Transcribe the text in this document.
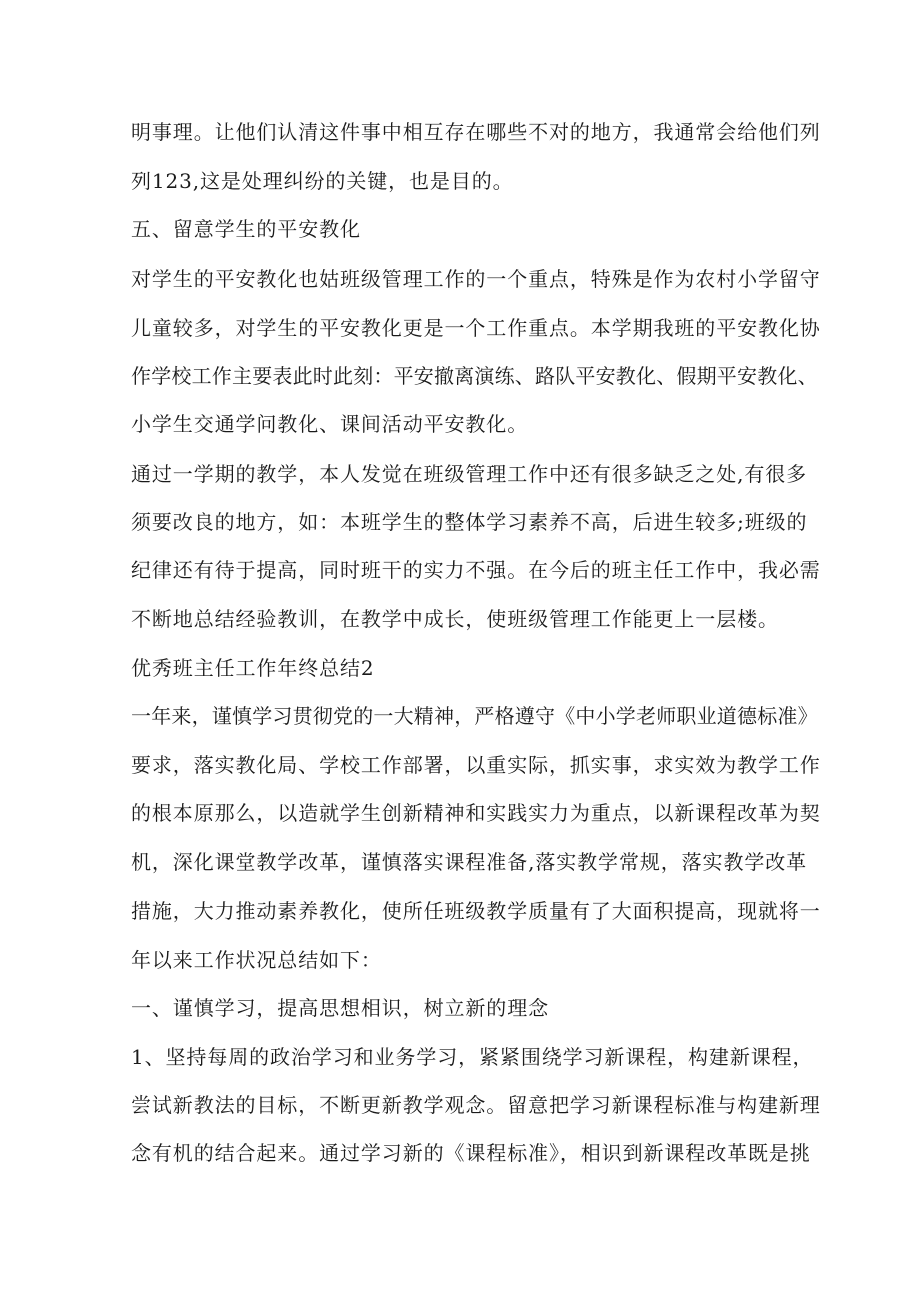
明事理。让他们认清这件事中相互存在哪些不对的地方，我通常会给他们列
列123,这是处理纠纷的关键，也是目的。
五、留意学生的平安教化
对学生的平安教化也姑班级管理工作的一个重点，特殊是作为农村小学留守
儿童较多，对学生的平安教化更是一个工作重点。本学期我班的平安教化协
作学校工作主要表此时此刻：平安撤离演练、路队平安教化、假期平安教化、
小学生交通学问教化、课间活动平安教化。
通过一学期的教学，本人发觉在班级管理工作中还有很多缺乏之处,有很多
须要改良的地方，如：本班学生的整体学习素养不高，后进生较多;班级的
纪律还有待于提高，同时班干的实力不强。在今后的班主任工作中，我必需
不断地总结经验教训，在教学中成长，使班级管理工作能更上一层楼。
优秀班主任工作年终总结2
一年来，谨慎学习贯彻党的一大精神，严格遵守《中小学老师职业道德标准》
要求，落实教化局、学校工作部署，以重实际，抓实事，求实效为教学工作
的根本原那么，以造就学生创新精神和实践实力为重点，以新课程改革为契
机，深化课堂教学改革，谨慎落实课程准备,落实教学常规，落实教学改革
措施，大力推动素养教化，使所任班级教学质量有了大面积提高，现就将一
年以来工作状况总结如下：
一、谨慎学习，提高思想相识，树立新的理念
1、坚持每周的政治学习和业务学习，紧紧围绕学习新课程，构建新课程，
尝试新教法的目标，不断更新教学观念。留意把学习新课程标准与构建新理
念有机的结合起来。通过学习新的《课程标准》，相识到新课程改革既是挑
